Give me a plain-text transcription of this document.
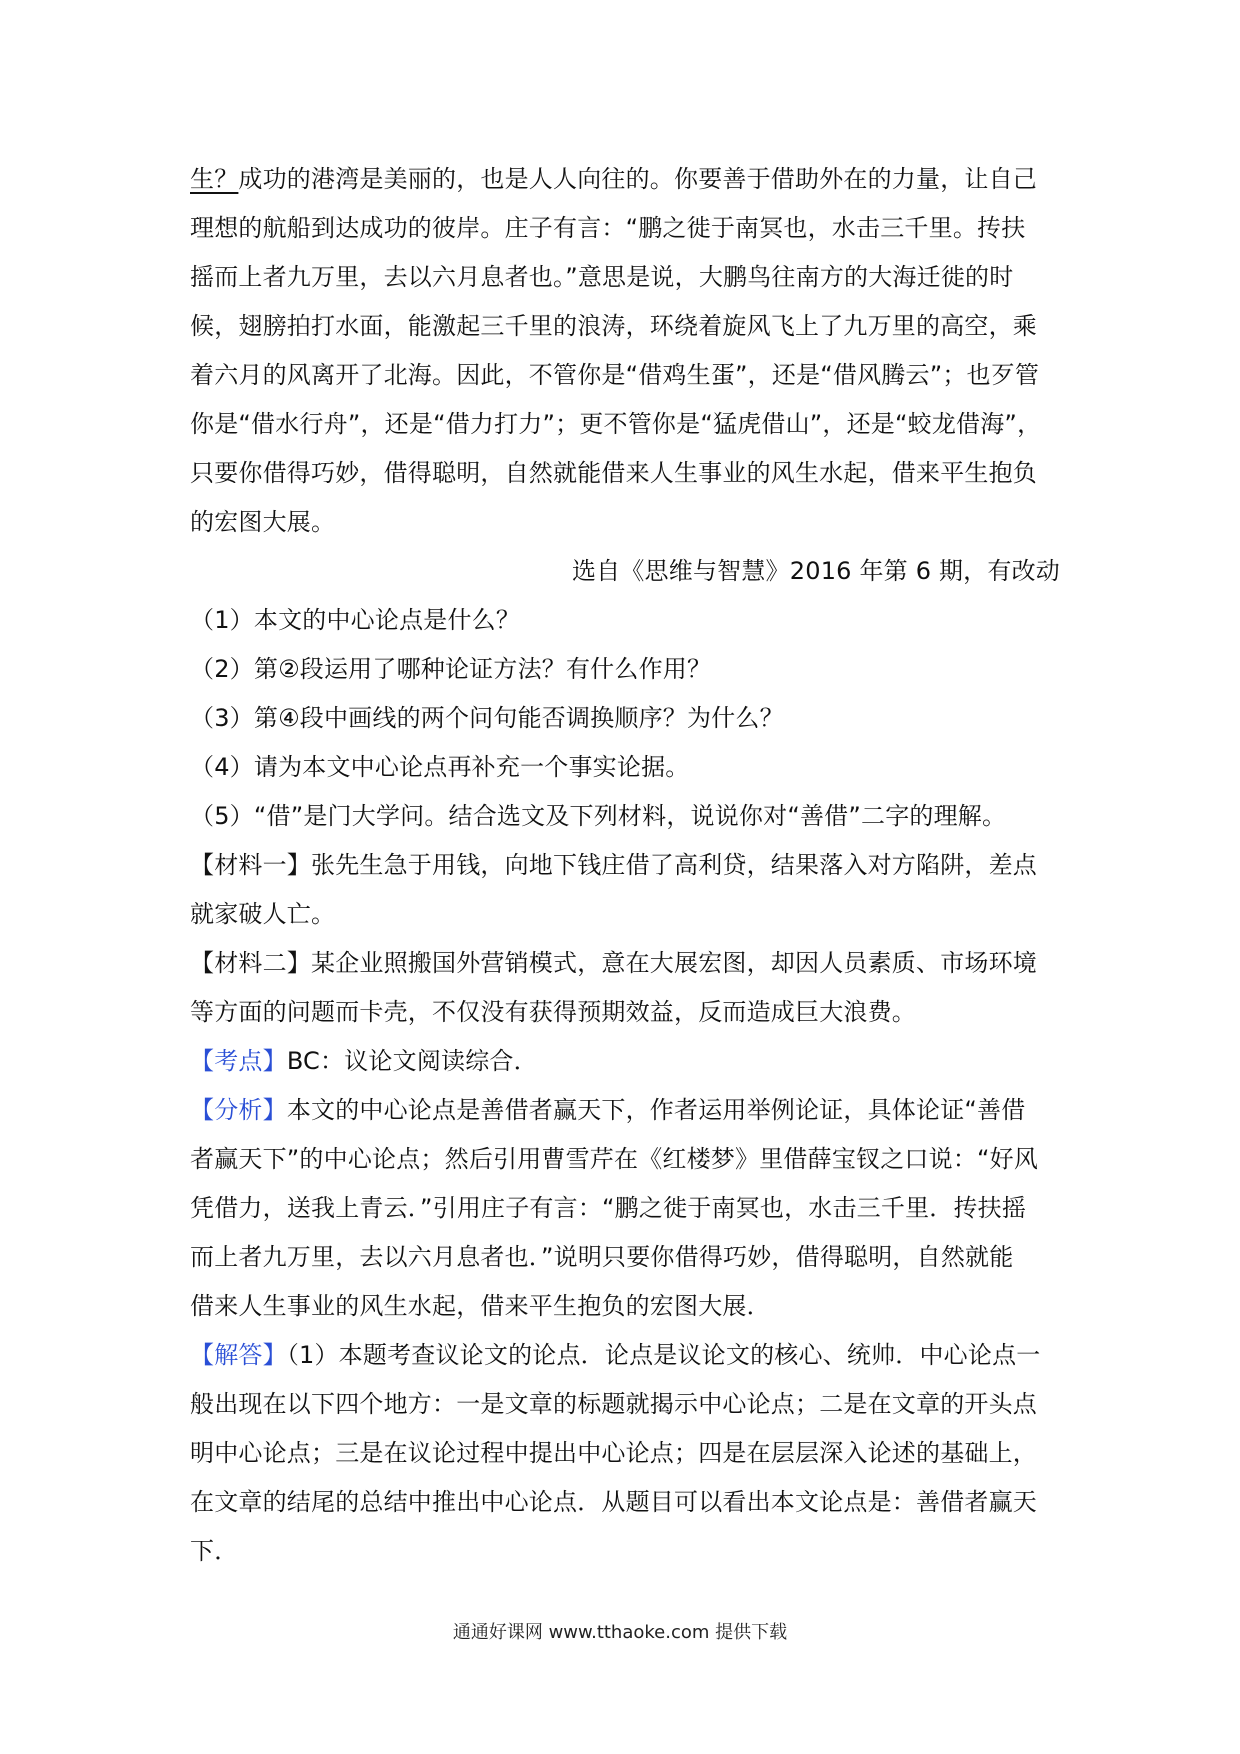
生？成功的港湾是美丽的，也是人人向往的。你要善于借助外在的力量，让自己
理想的航船到达成功的彼岸。庄子有言：“鹏之徙于南冥也，水击三千里。抟扶
摇而上者九万里，去以六月息者也。”意思是说，大鹏鸟往南方的大海迁徙的时
候，翅膀拍打水面，能激起三千里的浪涛，环绕着旋风飞上了九万里的高空，乘
着六月的风离开了北海。因此，不管你是“借鸡生蛋”，还是“借风腾云”；也歹管
你是“借水行舟”，还是“借力打力”；更不管你是“猛虎借山”，还是“蛟龙借海”，
只要你借得巧妙，借得聪明，自然就能借来人生事业的风生水起，借来平生抱负
的宏图大展。
选自《思维与智慧》2016 年第 6 期，有改动
（1）本文的中心论点是什么？
（2）第②段运用了哪种论证方法？有什么作用？
（3）第④段中画线的两个问句能否调换顺序？为什么？
（4）请为本文中心论点再补充一个事实论据。
（5）“借”是门大学问。结合选文及下列材料，说说你对“善借”二字的理解。
【材料一】张先生急于用钱，向地下钱庄借了高利贷，结果落入对方陷阱，差点
就家破人亡。
【材料二】某企业照搬国外营销模式，意在大展宏图，却因人员素质、市场环境
等方面的问题而卡壳，不仅没有获得预期效益，反而造成巨大浪费。
【考点】BC：议论文阅读综合．
【分析】本文的中心论点是善借者赢天下，作者运用举例论证，具体论证“善借
者赢天下”的中心论点；然后引用曹雪芹在《红楼梦》里借薛宝钗之口说：“好风
凭借力，送我上青云．”引用庄子有言：“鹏之徙于南冥也，水击三千里．抟扶摇
而上者九万里，去以六月息者也．”说明只要你借得巧妙，借得聪明，自然就能
借来人生事业的风生水起，借来平生抱负的宏图大展．
【解答】（1）本题考查议论文的论点．论点是议论文的核心、统帅．中心论点一
般出现在以下四个地方：一是文章的标题就揭示中心论点；二是在文章的开头点
明中心论点；三是在议论过程中提出中心论点；四是在层层深入论述的基础上，
在文章的结尾的总结中推出中心论点．从题目可以看出本文论点是：善借者赢天
下．
通通好课网 www.tthaoke.com 提供下载
